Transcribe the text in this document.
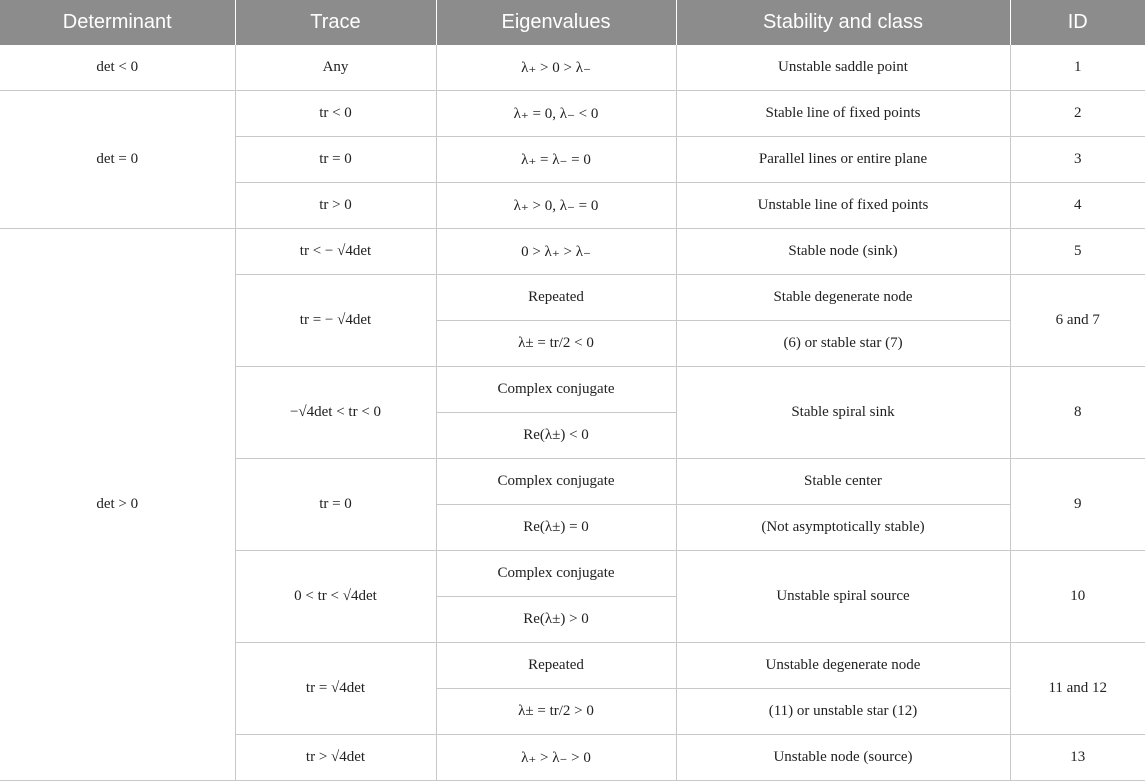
Determinant	Trace	Eigenvalues	Stability and class	ID
det < 0	Any	λ₊ > 0 > λ₋	Unstable saddle point	1
det = 0	tr < 0	λ₊ = 0, λ₋ < 0	Stable line of fixed points	2
	tr = 0	λ₊ = λ₋ = 0	Parallel lines or entire plane	3
	tr > 0	λ₊ > 0, λ₋ = 0	Unstable line of fixed points	4
det > 0	tr < − √4det	0 > λ₊ > λ₋	Stable node (sink)	5
	tr = − √4det	Repeated	Stable degenerate node	6 and 7
		λ± = tr/2 < 0	(6) or stable star (7)	
	−√4det < tr < 0	Complex conjugate	Stable spiral sink	8
		Re(λ±) < 0		
	tr = 0	Complex conjugate	Stable center	9
		Re(λ±) = 0	(Not asymptotically stable)	
	0 < tr < √4det	Complex conjugate	Unstable spiral source	10
		Re(λ±) > 0		
	tr = √4det	Repeated	Unstable degenerate node	11 and 12
		λ± = tr/2 > 0	(11) or unstable star (12)	
	tr > √4det	λ₊ > λ₋ > 0	Unstable node (source)	13
